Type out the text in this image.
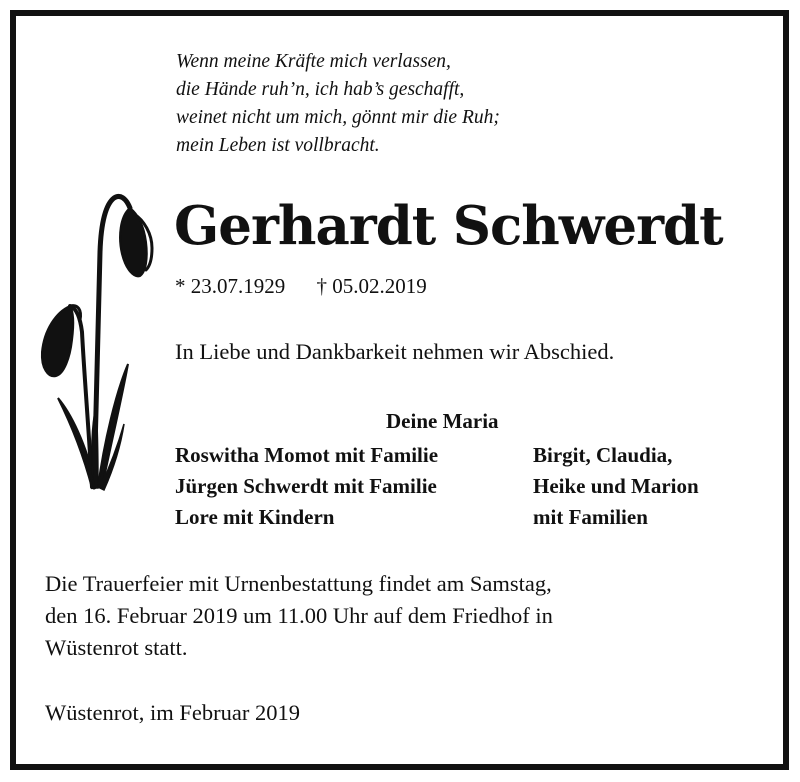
Wenn meine Kräfte mich verlassen,
die Hände ruh’n, ich hab’s geschafft,
weinet nicht um mich, gönnt mir die Ruh;
mein Leben ist vollbracht.
Gerhardt Schwerdt
* 23.07.1929 † 05.02.2019
In Liebe und Dankbarkeit nehmen wir Abschied.
Deine Maria
Roswitha Momot mit Familie
Jürgen Schwerdt mit Familie
Lore mit Kindern
Birgit, Claudia,
Heike und Marion
mit Familien
Die Trauerfeier mit Urnenbestattung findet am Samstag,
den 16. Februar 2019 um 11.00 Uhr auf dem Friedhof in
Wüstenrot statt.
Wüstenrot, im Februar 2019
